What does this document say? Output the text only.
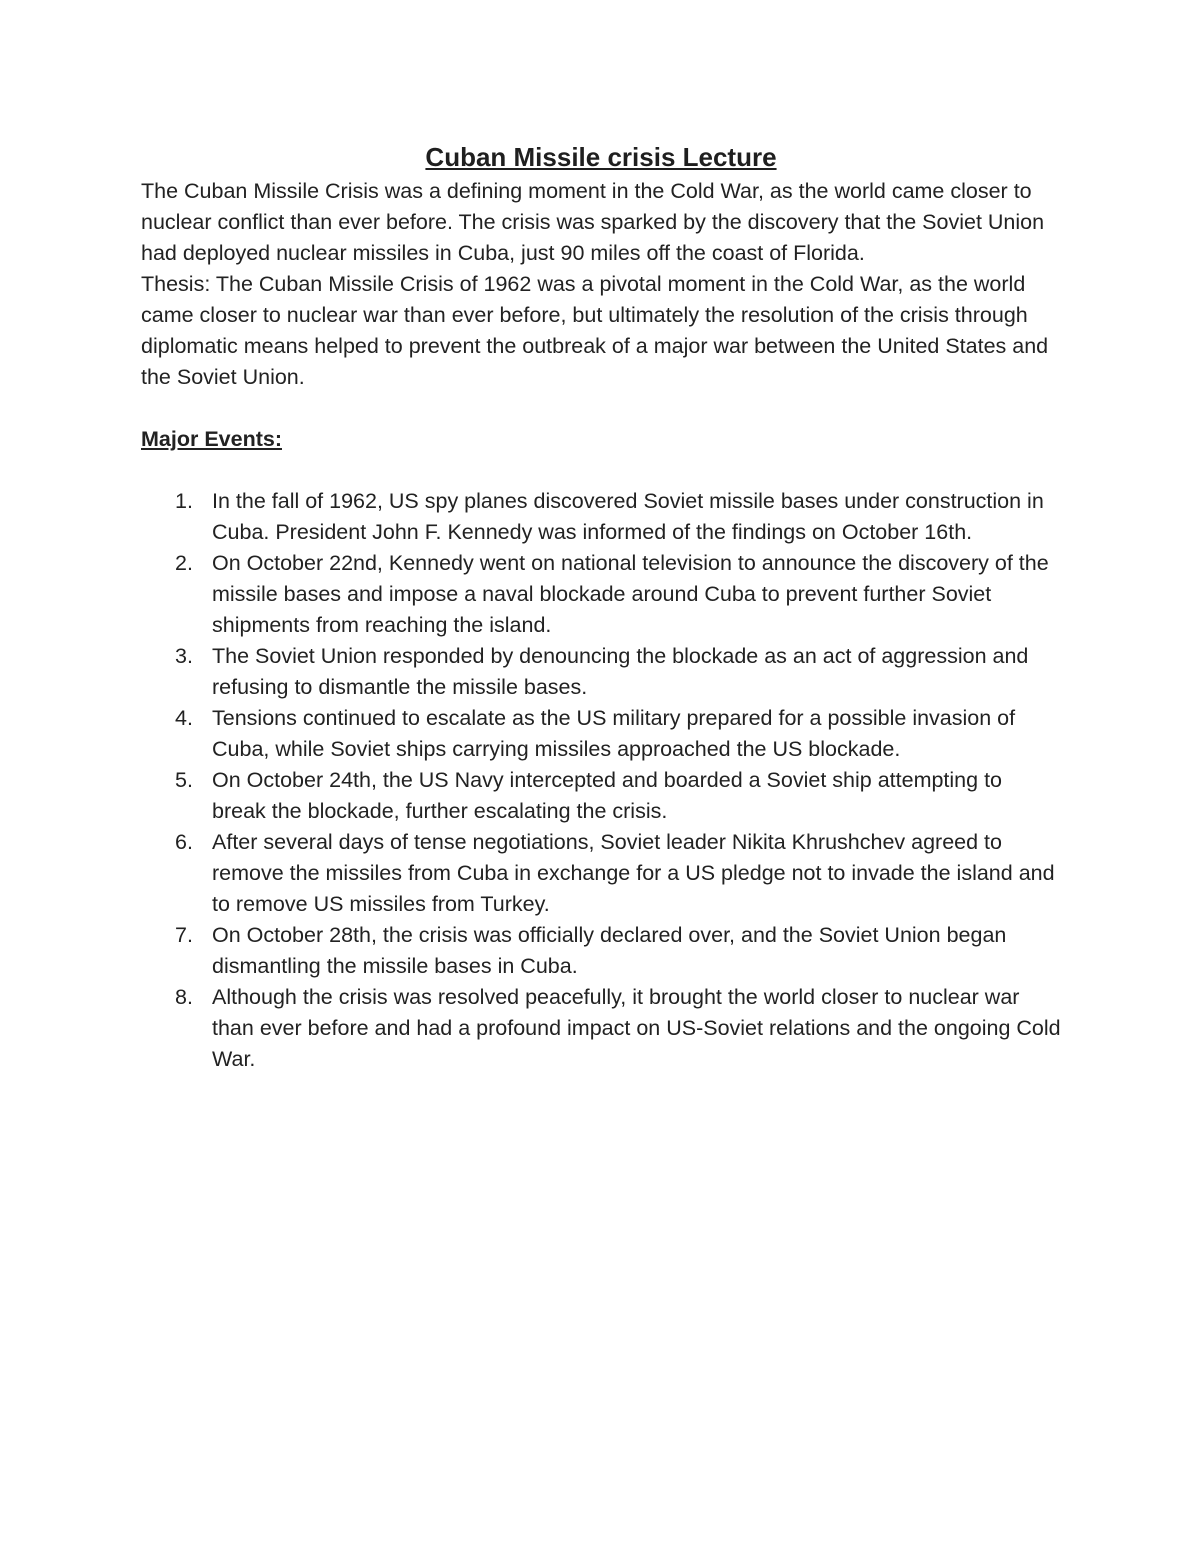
Cuban Missile crisis Lecture

The Cuban Missile Crisis was a defining moment in the Cold War, as the world came closer to nuclear conflict than ever before. The crisis was sparked by the discovery that the Soviet Union had deployed nuclear missiles in Cuba, just 90 miles off the coast of Florida.

Thesis: The Cuban Missile Crisis of 1962 was a pivotal moment in the Cold War, as the world came closer to nuclear war than ever before, but ultimately the resolution of the crisis through diplomatic means helped to prevent the outbreak of a major war between the United States and the Soviet Union.

Major Events:
In the fall of 1962, US spy planes discovered Soviet missile bases under construction in Cuba. President John F. Kennedy was informed of the findings on October 16th.
On October 22nd, Kennedy went on national television to announce the discovery of the missile bases and impose a naval blockade around Cuba to prevent further Soviet shipments from reaching the island.
The Soviet Union responded by denouncing the blockade as an act of aggression and refusing to dismantle the missile bases.
Tensions continued to escalate as the US military prepared for a possible invasion of Cuba, while Soviet ships carrying missiles approached the US blockade.
On October 24th, the US Navy intercepted and boarded a Soviet ship attempting to break the blockade, further escalating the crisis.
After several days of tense negotiations, Soviet leader Nikita Khrushchev agreed to remove the missiles from Cuba in exchange for a US pledge not to invade the island and to remove US missiles from Turkey.
On October 28th, the crisis was officially declared over, and the Soviet Union began dismantling the missile bases in Cuba.
Although the crisis was resolved peacefully, it brought the world closer to nuclear war than ever before and had a profound impact on US-Soviet relations and the ongoing Cold War.
